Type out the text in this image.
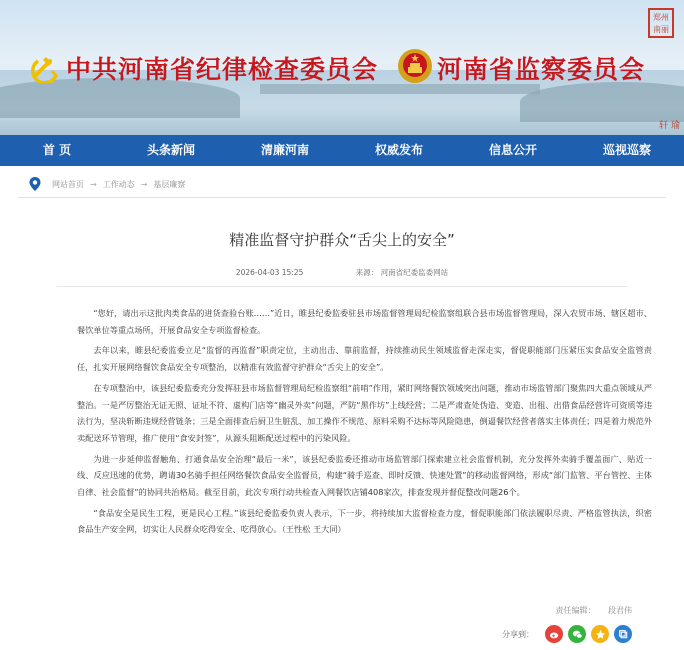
郑州
南丽
轩 瑜
中共河南省纪律检查委员会 河南省监察委员会
首 页	头条新闻	清廉河南	权威发布	信息公开	巡视巡察
网站首页 → 工作动态 → 基层廉察
精准监督守护群众“舌尖上的安全”
2026-04-03 15:25	来源： 河南省纪委监委网站

“您好，请出示这批肉类食品的进货查验台账……”近日，睢县纪委监委驻县市场监督管理局纪检监察组联合县市场监督管理局，深入农贸市场、辖区超市、餐饮单位等重点场所，开展食品安全专项监督检查。

去年以来，睢县纪委监委立足“监督的再监督”职责定位，主动出击、靠前监督，持续推动民生领域监督走深走实，督促职能部门压紧压实食品安全监管责任，扎实开展网络餐饮食品安全专项整治，以精准有效监督守护群众“舌尖上的安全”。

在专项整治中，该县纪委监委充分发挥驻县市场监督管理局纪检监察组“前哨”作用，紧盯网络餐饮领域突出问题，推动市场监管部门聚焦四大重点领域从严整治。一是严厉整治无证无照、证址不符、虚构门店等“幽灵外卖”问题，严防“黑作坊”上线经营；二是严肃查处伪造、变造、出租、出借食品经营许可资质等违法行为，坚决斩断违规经营链条；三是全面排查后厨卫生脏乱、加工操作不规范、原料采购不达标等风险隐患，倒逼餐饮经营者落实主体责任；四是着力规范外卖配送环节管理，推广使用“食安封签”，从源头阻断配送过程中的污染风险。

为进一步延伸监督触角、打通食品安全治理“最后一米”，该县纪委监委还推动市场监管部门探索建立社会监督机制，充分发挥外卖骑手覆盖面广、贴近一线、反应迅速的优势，聘请30名骑手担任网络餐饮食品安全监督员，构建“骑手巡查、即时反馈、快速处置”的移动监督网络，形成“部门监管、平台管控、主体自律、社会监督”的协同共治格局。截至目前，此次专项行动共检查入网餐饮店铺408家次，排查发现并督促整改问题26个。

“食品安全是民生工程，更是民心工程。”该县纪委监委负责人表示，下一步，将持续加大监督检查力度，督促职能部门依法履职尽责、严格监管执法，织密食品生产安全网，切实让人民群众吃得安全、吃得放心。（王性松 王大同）

责任编辑： 段君伟
分享到：
